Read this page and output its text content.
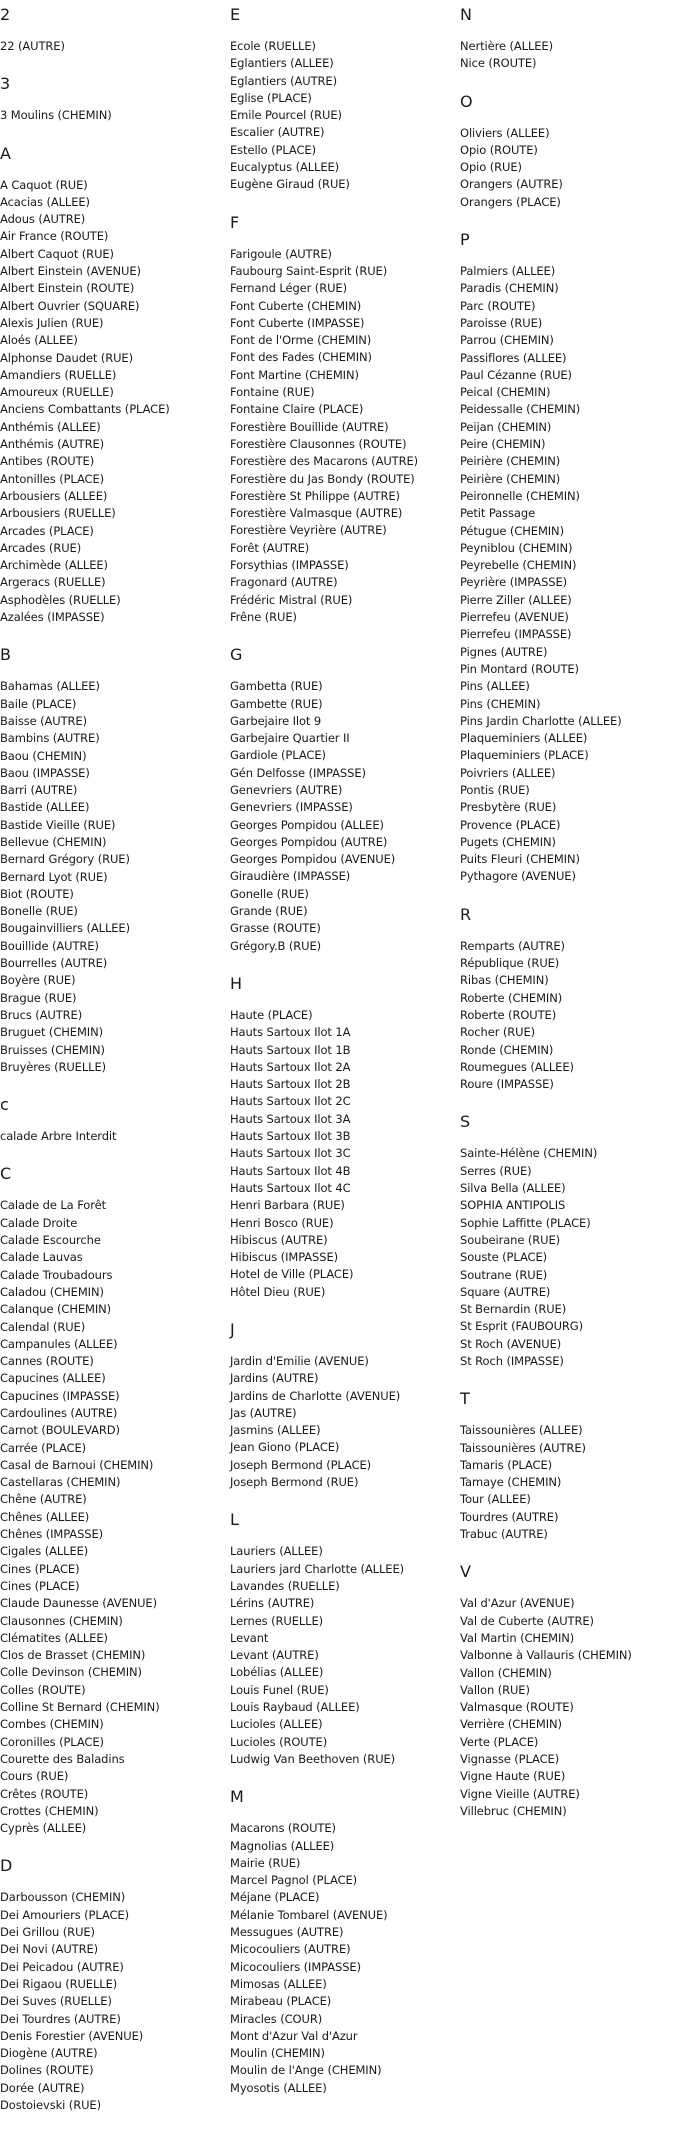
2
22 (AUTRE)
3
3 Moulins (CHEMIN)
A
A Caquot (RUE)
Acacias (ALLEE)
Adous (AUTRE)
Air France (ROUTE)
Albert Caquot (RUE)
Albert Einstein (AVENUE)
Albert Einstein (ROUTE)
Albert Ouvrier (SQUARE)
Alexis Julien (RUE)
Aloés (ALLEE)
Alphonse Daudet (RUE)
Amandiers (RUELLE)
Amoureux (RUELLE)
Anciens Combattants (PLACE)
Anthémis (ALLEE)
Anthémis (AUTRE)
Antibes (ROUTE)
Antonilles (PLACE)
Arbousiers (ALLEE)
Arbousiers (RUELLE)
Arcades (PLACE)
Arcades (RUE)
Archimède (ALLEE)
Argeracs (RUELLE)
Asphodèles (RUELLE)
Azalées (IMPASSE)
B
Bahamas (ALLEE)
Baile (PLACE)
Baisse (AUTRE)
Bambins (AUTRE)
Baou (CHEMIN)
Baou (IMPASSE)
Barri (AUTRE)
Bastide (ALLEE)
Bastide Vieille (RUE)
Bellevue (CHEMIN)
Bernard Grégory (RUE)
Bernard Lyot (RUE)
Biot (ROUTE)
Bonelle (RUE)
Bougainvilliers (ALLEE)
Bouillide (AUTRE)
Bourrelles (AUTRE)
Boyère (RUE)
Brague (RUE)
Brucs (AUTRE)
Bruguet (CHEMIN)
Bruisses (CHEMIN)
Bruyères (RUELLE)
c
calade Arbre Interdit
C
Calade de La Forêt
Calade Droite
Calade Escourche
Calade Lauvas
Calade Troubadours
Caladou (CHEMIN)
Calanque (CHEMIN)
Calendal (RUE)
Campanules (ALLEE)
Cannes (ROUTE)
Capucines (ALLEE)
Capucines (IMPASSE)
Cardoulines (AUTRE)
Carnot (BOULEVARD)
Carrée (PLACE)
Casal de Barnoui (CHEMIN)
Castellaras (CHEMIN)
Chêne (AUTRE)
Chênes (ALLEE)
Chênes (IMPASSE)
Cigales (ALLEE)
Cines (PLACE)
Cines (PLACE)
Claude Daunesse (AVENUE)
Clausonnes (CHEMIN)
Clématites (ALLEE)
Clos de Brasset (CHEMIN)
Colle Devinson (CHEMIN)
Colles (ROUTE)
Colline St Bernard (CHEMIN)
Combes (CHEMIN)
Coronilles (PLACE)
Courette des Baladins
Cours (RUE)
Crêtes (ROUTE)
Crottes (CHEMIN)
Cyprès (ALLEE)
D
Darbousson (CHEMIN)
Dei Amouriers (PLACE)
Dei Grillou (RUE)
Dei Novi (AUTRE)
Dei Peicadou (AUTRE)
Dei Rigaou (RUELLE)
Dei Suves (RUELLE)
Dei Tourdres (AUTRE)
Denis Forestier (AVENUE)
Diogène (AUTRE)
Dolines (ROUTE)
Dorée (AUTRE)
Dostoievski (RUE)
E
Ecole (RUELLE)
Eglantiers (ALLEE)
Eglantiers (AUTRE)
Eglise (PLACE)
Emile Pourcel (RUE)
Escalier (AUTRE)
Estello (PLACE)
Eucalyptus (ALLEE)
Eugène Giraud (RUE)
F
Farigoule (AUTRE)
Faubourg Saint-Esprit (RUE)
Fernand Léger (RUE)
Font Cuberte (CHEMIN)
Font Cuberte (IMPASSE)
Font de l'Orme (CHEMIN)
Font des Fades (CHEMIN)
Font Martine (CHEMIN)
Fontaine (RUE)
Fontaine Claire (PLACE)
Forestière Bouillide (AUTRE)
Forestière Clausonnes (ROUTE)
Forestière des Macarons (AUTRE)
Forestière du Jas Bondy (ROUTE)
Forestière St Philippe (AUTRE)
Forestière Valmasque (AUTRE)
Forestière Veyrière (AUTRE)
Forêt (AUTRE)
Forsythias (IMPASSE)
Fragonard (AUTRE)
Frédéric Mistral (RUE)
Frêne (RUE)
G
Gambetta (RUE)
Gambette (RUE)
Garbejaire Ilot 9
Garbejaire Quartier II
Gardiole (PLACE)
Gén Delfosse (IMPASSE)
Genevriers (AUTRE)
Genevriers (IMPASSE)
Georges Pompidou (ALLEE)
Georges Pompidou (AUTRE)
Georges Pompidou (AVENUE)
Giraudière (IMPASSE)
Gonelle (RUE)
Grande (RUE)
Grasse (ROUTE)
Grégory.B (RUE)
H
Haute (PLACE)
Hauts Sartoux Ilot 1A
Hauts Sartoux Ilot 1B
Hauts Sartoux Ilot 2A
Hauts Sartoux Ilot 2B
Hauts Sartoux Ilot 2C
Hauts Sartoux Ilot 3A
Hauts Sartoux Ilot 3B
Hauts Sartoux Ilot 3C
Hauts Sartoux Ilot 4B
Hauts Sartoux Ilot 4C
Henri Barbara (RUE)
Henri Bosco (RUE)
Hibiscus (AUTRE)
Hibiscus (IMPASSE)
Hotel de Ville (PLACE)
Hôtel Dieu (RUE)
J
Jardin d'Emilie (AVENUE)
Jardins (AUTRE)
Jardins de Charlotte (AVENUE)
Jas (AUTRE)
Jasmins (ALLEE)
Jean Giono (PLACE)
Joseph Bermond (PLACE)
Joseph Bermond (RUE)
L
Lauriers (ALLEE)
Lauriers jard Charlotte (ALLEE)
Lavandes (RUELLE)
Lérins (AUTRE)
Lernes (RUELLE)
Levant
Levant (AUTRE)
Lobélias (ALLEE)
Louis Funel (RUE)
Louis Raybaud (ALLEE)
Lucioles (ALLEE)
Lucioles (ROUTE)
Ludwig Van Beethoven (RUE)
M
Macarons (ROUTE)
Magnolias (ALLEE)
Mairie (RUE)
Marcel Pagnol (PLACE)
Méjane (PLACE)
Mélanie Tombarel (AVENUE)
Messugues (AUTRE)
Micocouliers (AUTRE)
Micocouliers (IMPASSE)
Mimosas (ALLEE)
Mirabeau (PLACE)
Miracles (COUR)
Mont d'Azur Val d'Azur
Moulin (CHEMIN)
Moulin de l'Ange (CHEMIN)
Myosotis (ALLEE)
N
Nertière (ALLEE)
Nice (ROUTE)
O
Oliviers (ALLEE)
Opio (ROUTE)
Opio (RUE)
Orangers (AUTRE)
Orangers (PLACE)
P
Palmiers (ALLEE)
Paradis (CHEMIN)
Parc (ROUTE)
Paroisse (RUE)
Parrou (CHEMIN)
Passiflores (ALLEE)
Paul Cézanne (RUE)
Peical (CHEMIN)
Peidessalle (CHEMIN)
Peijan (CHEMIN)
Peire (CHEMIN)
Peirière (CHEMIN)
Peirière (CHEMIN)
Peironnelle (CHEMIN)
Petit Passage
Pétugue (CHEMIN)
Peyniblou (CHEMIN)
Peyrebelle (CHEMIN)
Peyrière (IMPASSE)
Pierre Ziller (ALLEE)
Pierrefeu (AVENUE)
Pierrefeu (IMPASSE)
Pignes (AUTRE)
Pin Montard (ROUTE)
Pins (ALLEE)
Pins (CHEMIN)
Pins Jardin Charlotte (ALLEE)
Plaqueminiers (ALLEE)
Plaqueminiers (PLACE)
Poivriers (ALLEE)
Pontis (RUE)
Presbytère (RUE)
Provence (PLACE)
Pugets (CHEMIN)
Puits Fleuri (CHEMIN)
Pythagore (AVENUE)
R
Remparts (AUTRE)
République (RUE)
Ribas (CHEMIN)
Roberte (CHEMIN)
Roberte (ROUTE)
Rocher (RUE)
Ronde (CHEMIN)
Roumegues (ALLEE)
Roure (IMPASSE)
S
Sainte-Hélène (CHEMIN)
Serres (RUE)
Silva Bella (ALLEE)
SOPHIA ANTIPOLIS
Sophie Laffitte (PLACE)
Soubeirane (RUE)
Souste (PLACE)
Soutrane (RUE)
Square (AUTRE)
St Bernardin (RUE)
St Esprit (FAUBOURG)
St Roch (AVENUE)
St Roch (IMPASSE)
T
Taissounières (ALLEE)
Taissounières (AUTRE)
Tamaris (PLACE)
Tamaye (CHEMIN)
Tour (ALLEE)
Tourdres (AUTRE)
Trabuc (AUTRE)
V
Val d'Azur (AVENUE)
Val de Cuberte (AUTRE)
Val Martin (CHEMIN)
Valbonne à Vallauris (CHEMIN)
Vallon (CHEMIN)
Vallon (RUE)
Valmasque (ROUTE)
Verrière (CHEMIN)
Verte (PLACE)
Vignasse (PLACE)
Vigne Haute (RUE)
Vigne Vieille (AUTRE)
Villebruc (CHEMIN)
